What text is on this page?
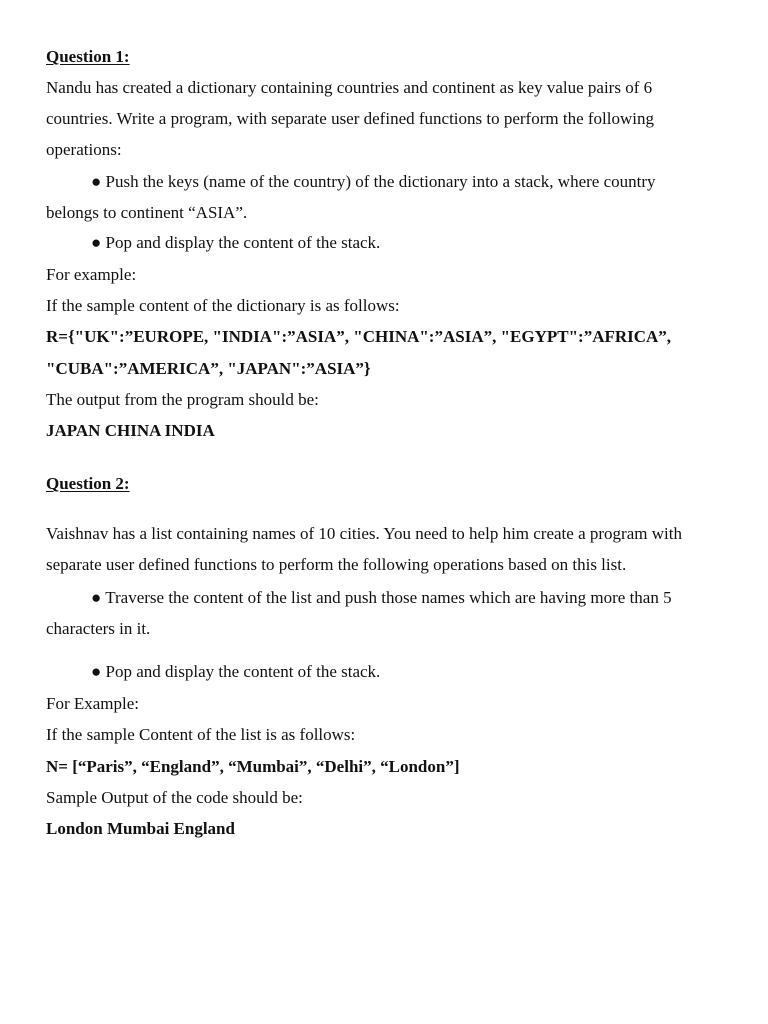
Question 1:
Nandu has created a dictionary containing countries and continent as key value pairs of 6
countries. Write a program, with separate user defined functions to perform the following
operations:
● Push the keys (name of the country) of the dictionary into a stack, where country
belongs to continent “ASIA”.
● Pop and display the content of the stack.
For example:
If the sample content of the dictionary is as follows:
R={"UK":”EUROPE, "INDIA":”ASIA”, "CHINA":”ASIA”, "EGYPT":”AFRICA”,
"CUBA":”AMERICA”, "JAPAN":”ASIA”}
The output from the program should be:
JAPAN CHINA INDIA
Question 2:
Vaishnav has a list containing names of 10 cities. You need to help him create a program with
separate user defined functions to perform the following operations based on this list.
● Traverse the content of the list and push those names which are having more than 5
characters in it.
● Pop and display the content of the stack.
For Example:
If the sample Content of the list is as follows:
N= [“Paris”, “England”, “Mumbai”, “Delhi”, “London”]
Sample Output of the code should be:
London Mumbai England
